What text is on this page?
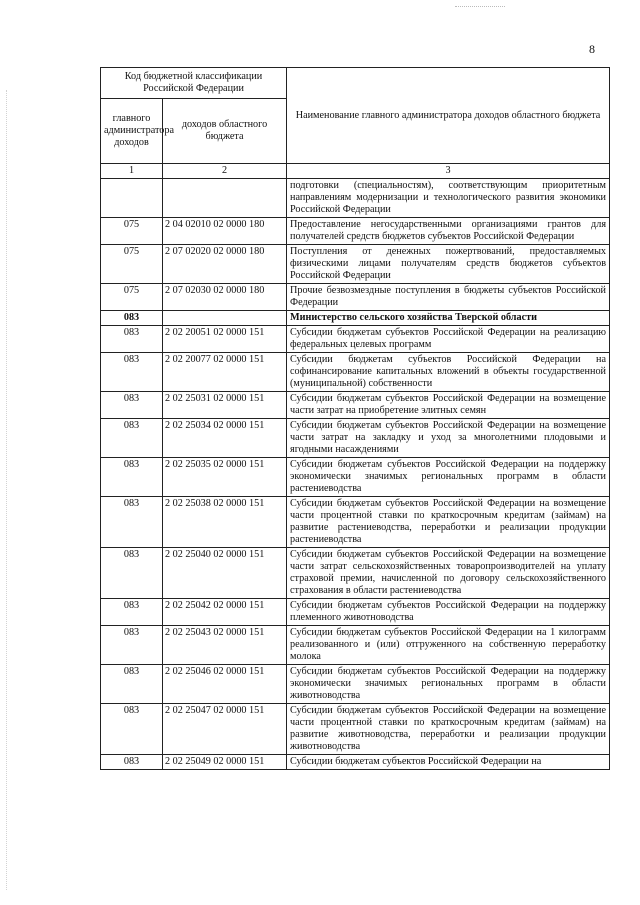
8
Код бюджетной классификации Российской Федерации		Наименование главного администратора доходов областного бюджета
главного администратора доходов	доходов областного бюджета	
1	2	3
		подготовки (специальностям), соответствующим приоритетным направлениям модернизации и технологического развития экономики Российской Федерации
075	2 04 02010 02 0000 180	Предоставление негосударственными организациями грантов для получателей средств бюджетов субъектов Российской Федерации
075	2 07 02020 02 0000 180	Поступления от денежных пожертвований, предоставляемых физическими лицами получателям средств бюджетов субъектов Российской Федерации
075	2 07 02030 02 0000 180	Прочие безвозмездные поступления в бюджеты субъектов Российской Федерации
083		Министерство сельского хозяйства Тверской области
083	2 02 20051 02 0000 151	Субсидии бюджетам субъектов Российской Федерации на реализацию федеральных целевых программ
083	2 02 20077 02 0000 151	Субсидии бюджетам субъектов Российской Федерации на софинансирование капитальных вложений в объекты государственной (муниципальной) собственности
083	2 02 25031 02 0000 151	Субсидии бюджетам субъектов Российской Федерации на возмещение части затрат на приобретение элитных семян
083	2 02 25034 02 0000 151	Субсидии бюджетам субъектов Российской Федерации на возмещение части затрат на закладку и уход за многолетними плодовыми и ягодными насаждениями
083	2 02 25035 02 0000 151	Субсидии бюджетам субъектов Российской Федерации на поддержку экономически значимых региональных программ в области растениеводства
083	2 02 25038 02 0000 151	Субсидии бюджетам субъектов Российской Федерации на возмещение части процентной ставки по краткосрочным кредитам (займам) на развитие растениеводства, переработки и реализации продукции растениеводства
083	2 02 25040 02 0000 151	Субсидии бюджетам субъектов Российской Федерации на возмещение части затрат сельскохозяйственных товаропроизводителей на уплату страховой премии, начисленной по договору сельскохозяйственного страхования в области растениеводства
083	2 02 25042 02 0000 151	Субсидии бюджетам субъектов Российской Федерации на поддержку племенного животноводства
083	2 02 25043 02 0000 151	Субсидии бюджетам субъектов Российской Федерации на 1 килограмм реализованного и (или) отгруженного на собственную переработку молока
083	2 02 25046 02 0000 151	Субсидии бюджетам субъектов Российской Федерации на поддержку экономически значимых региональных программ в области животноводства
083	2 02 25047 02 0000 151	Субсидии бюджетам субъектов Российской Федерации на возмещение части процентной ставки по краткосрочным кредитам (займам) на развитие животноводства, переработки и реализации продукции животноводства
083	2 02 25049 02 0000 151	Субсидии бюджетам субъектов Российской Федерации на
